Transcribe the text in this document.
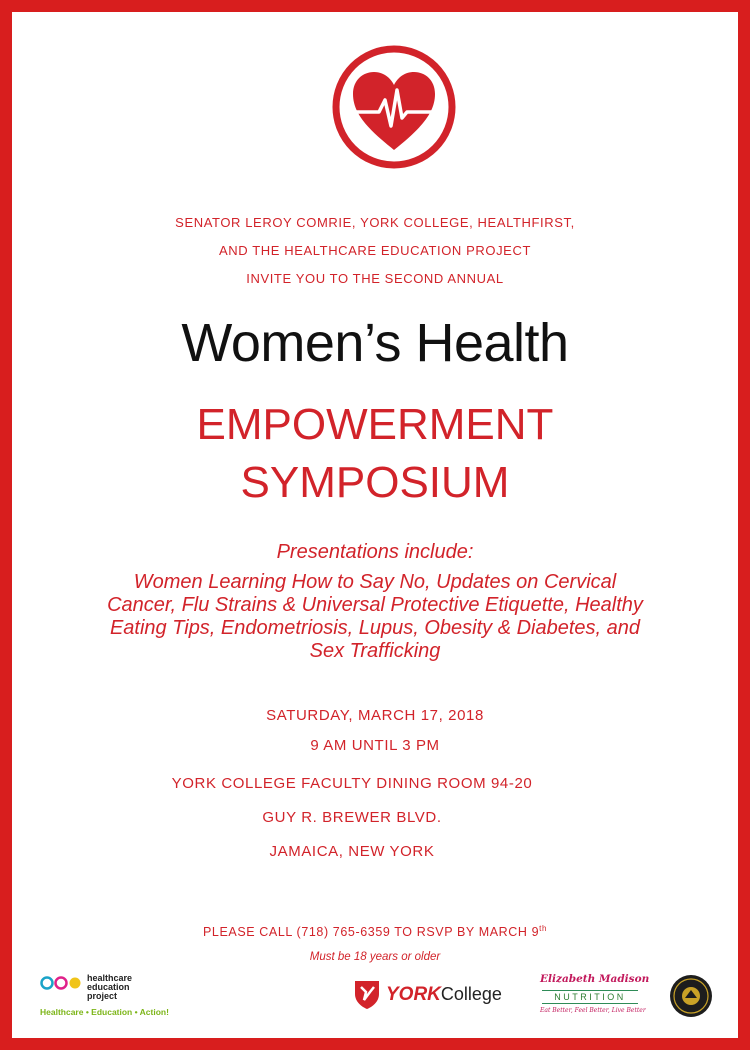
SENATOR LEROY COMRIE, YORK COLLEGE, HEALTHFIRST,
AND THE HEALTHCARE EDUCATION PROJECT
INVITE YOU TO THE SECOND ANNUAL
Women’s Health
EMPOWERMENT
SYMPOSIUM
Presentations include:
Women Learning How to Say No, Updates on Cervical Cancer, Flu Strains & Universal Protective Etiquette, Healthy Eating Tips, Endometriosis, Lupus, Obesity & Diabetes, and Sex Trafficking
SATURDAY, MARCH 17, 2018
9 AM UNTIL 3 PM
YORK COLLEGE FACULTY DINING ROOM 94-20
GUY R. BREWER BLVD.
JAMAICA, NEW YORK
PLEASE CALL (718) 765-6359 TO RSVP BY MARCH 9th
Must be 18 years or older
healthcare
education
project
Healthcare • Education • Action!
YORKCollege
Elizabeth Madison
NUTRITION
Eat Better, Feel Better, Live Better
